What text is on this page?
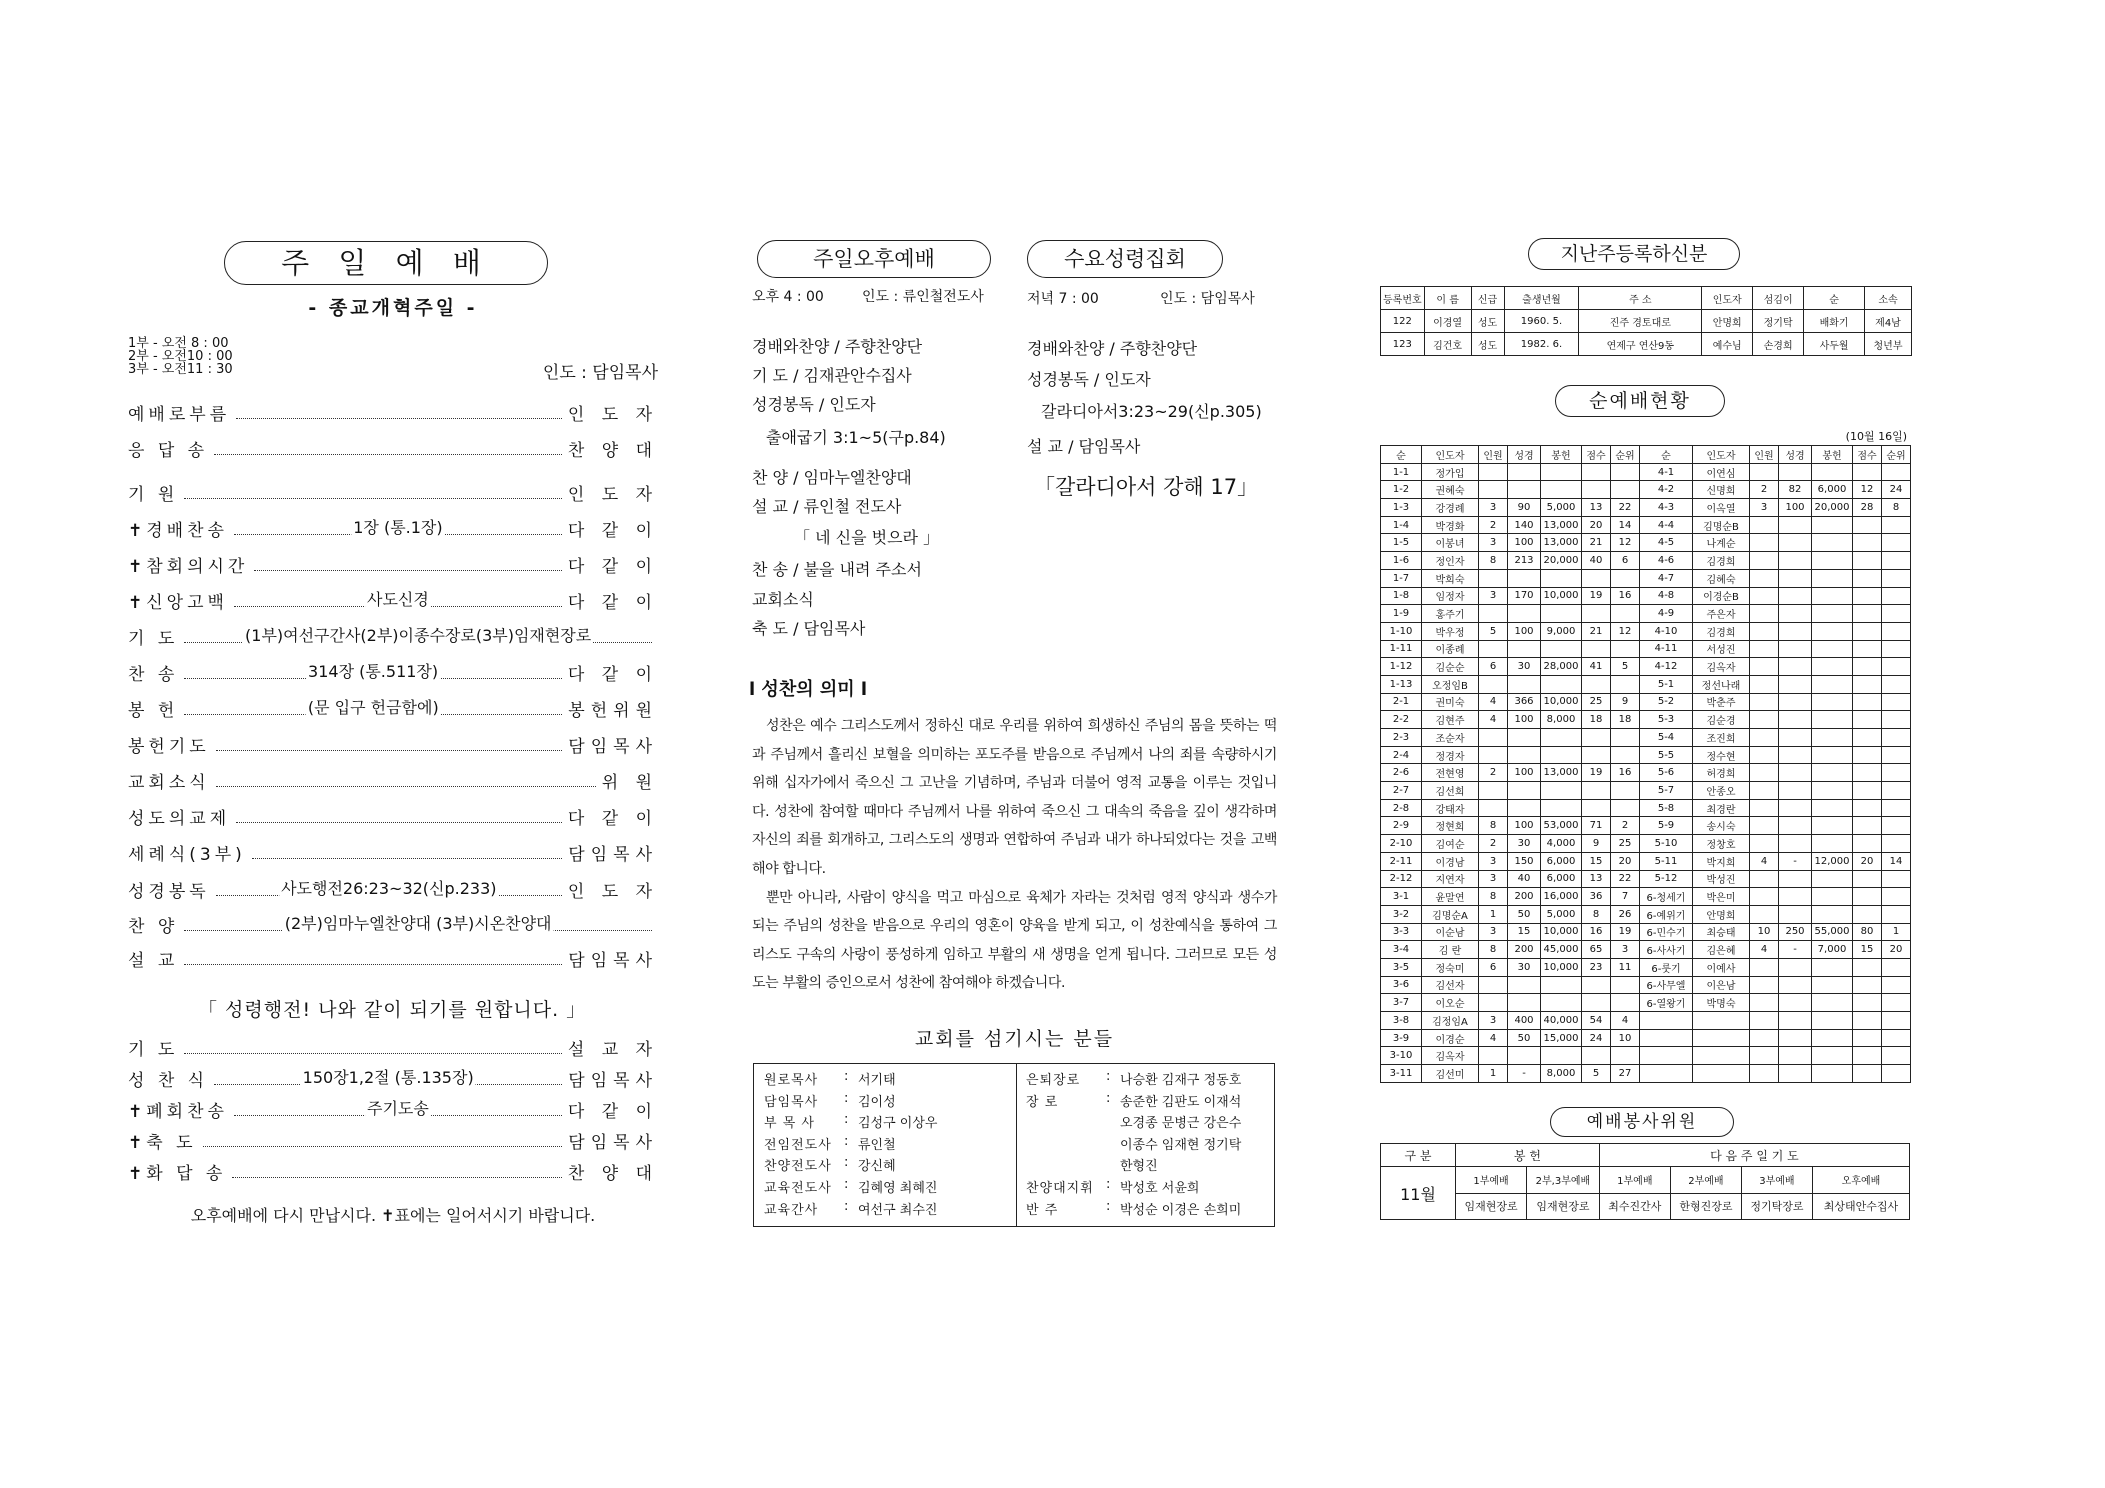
주 일 예 배
- 종교개혁주일 -
1부 - 오전 8 : 00
2부 - 오전10 : 00
3부 - 오전11 : 30	인도 : 담임목사
예배로부름	인 도 자
응 답 송	찬 양 대
기 원	인 도 자
✝경배찬송	1장 (통.1장)	다 같 이
✝참회의시간	다 같 이
✝신앙고백	사도신경	다 같 이
기 도	(1부)여선구간사(2부)이종수장로(3부)임재현장로
찬 송	314장 (통.511장)	다 같 이
봉 헌	(문 입구 헌금함에)	봉헌위원
봉헌기도	담임목사
교회소식	위 원
성도의교제	다 같 이
세례식(3부)	담임목사
성경봉독	사도행전26:23~32(신p.233)	인 도 자
찬 양	(2부)임마누엘찬양대 (3부)시온찬양대
설 교	담임목사
「 성령행전! 나와 같이 되기를 원합니다. 」
기 도	설 교 자
성 찬 식	150장1,2절 (통.135장)	담임목사
✝폐회찬송	주기도송	다 같 이
✝축 도	담임목사
✝화 답 송	찬 양 대
오후예배에 다시 만납시다. ✝표에는 일어서시기 바랍니다.
주일오후예배
오후 4 : 00	인도 : 류인철전도사
경배와찬양 / 주향찬양단
기 도 / 김재관안수집사
성경봉독 / 인도자
출애굽기 3:1~5(구p.84)
찬 양 / 임마누엘찬양대
설 교 / 류인철 전도사
「 네 신을 벗으라 」
찬 송 / 불을 내려 주소서
교회소식
축 도 / 담임목사
수요성령집회
저녁 7 : 00	인도 : 담임목사
경배와찬양 / 주향찬양단
성경봉독 / 인도자
갈라디아서3:23~29(신p.305)
설 교 / 담임목사
「갈라디아서 강해 17」
l 성찬의 의미 l
성찬은 예수 그리스도께서 정하신 대로 우리를 위하여 희생하신 주님의 몸을 뜻하는 떡과 주님께서 흘리신 보혈을 의미하는 포도주를 받음으로 주님께서 나의 죄를 속량하시기 위해 십자가에서 죽으신 그 고난을 기념하며, 주님과 더불어 영적 교통을 이루는 것입니다. 성찬에 참여할 때마다 주님께서 나를 위하여 죽으신 그 대속의 죽음을 깊이 생각하며 자신의 죄를 회개하고, 그리스도의 생명과 연합하여 주님과 내가 하나되었다는 것을 고백해야 합니다.
뿐만 아니라, 사람이 양식을 먹고 마심으로 육체가 자라는 것처럼 영적 양식과 생수가 되는 주님의 성찬을 받음으로 우리의 영혼이 양육을 받게 되고, 이 성찬예식을 통하여 그리스도 구속의 사랑이 풍성하게 임하고 부활의 새 생명을 얻게 됩니다. 그러므로 모든 성도는 부활의 증인으로서 성찬에 참여해야 하겠습니다.
교회를 섬기시는 분들
원로목사	: 서기태
담임목사	: 김이성
부 목 사	: 김성구 이상우
전임전도사 : 류인철
찬양전도사 : 강신혜
교육전도사 : 김혜영 최혜진
교육간사	: 여선구 최수진
은퇴장로	: 나승환 김재구 정동호
장 로	: 송준한 김판도 이재석
오경종 문병근 강은수
이종수 임재현 정기탁
한형진
찬양대지휘 : 박성호 서윤희
반 주	: 박성순 이경은 손희미
지난주등록하신분
등록번호	이 름	신급	출생년월	주 소	인도자	섬김이	순	소속
122	이경열	성도	1960. 5.	진주 경토대로	안명희	정기탁	배화기	제4남
123	김건호	성도	1982. 6.	연제구 연산9동	예수님	손경희	사두월	청년부
순예배현황
(10월 16일)
순	인도자	인원	성경	봉헌	점수	순위	순	인도자	인원	성경	봉헌	점수	순위
1-1	정가입						4-1	이연심					
1-2	권혜숙						4-2	신명희	2	82	6,000	12	24
1-3	강경례	3	90	5,000	13	22	4-3	이옥열	3	100	20,000	28	8
1-4	박경화	2	140	13,000	20	14	4-4	김명순B					
1-5	이봉녀	3	100	13,000	21	12	4-5	나계순					
1-6	정인자	8	213	20,000	40	6	4-6	김경희					
1-7	박희숙						4-7	김혜숙					
1-8	임정자	3	170	10,000	19	16	4-8	이경순B					
1-9	홍주기						4-9	주은자					
1-10	박우정	5	100	9,000	21	12	4-10	김경희					
1-11	이종례						4-11	서성진					
1-12	김순순	6	30	28,000	41	5	4-12	김옥자					
1-13	오정임B						5-1	정선나래					
2-1	권미숙	4	366	10,000	25	9	5-2	박춘주					
2-2	김현주	4	100	8,000	18	18	5-3	김순경					
2-3	조순자						5-4	조진희					
2-4	정경자						5-5	정수현					
2-6	전현영	2	100	13,000	19	16	5-6	허경희					
2-7	김선희						5-7	안종오					
2-8	강태자						5-8	최경란					
2-9	정현희	8	100	53,000	71	2	5-9	송시숙					
2-10	김여순	2	30	4,000	9	25	5-10	정창호					
2-11	이경남	3	150	6,000	15	20	5-11	박지희	4	-	12,000	20	14
2-12	지연자	3	40	6,000	13	22	5-12	박성진					
3-1	윤말연	8	200	16,000	36	7	6-청세기	박은미					
3-2	김명순A	1	50	5,000	8	26	6-예위기	안명희					
3-3	이순남	3	15	10,000	16	19	6-민수기	최승태	10	250	55,000	80	1
3-4	김 란	8	200	45,000	65	3	6-사사기	김은혜	4	-	7,000	15	20
3-5	정숙미	6	30	10,000	23	11	6-룻기	이예사					
3-6	김선자						6-사무엘	이은남					
3-7	이오순						6-열왕기	박명숙					
3-8	김정임A	3	400	40,000	54	4							
3-9	이경순	4	50	15,000	24	10							
3-10	김옥자												
3-11	김선미	1	-	8,000	5	27							
예배봉사위원
구 분	봉 헌		다 음 주 일 기 도			

11월	1부예배	2부,3부예배	1부예배	2부예배	3부예배	오후예배
	임재현장로	임재현장로	최수진간사	한형진장로	정기탁장로	최상태안수집사
